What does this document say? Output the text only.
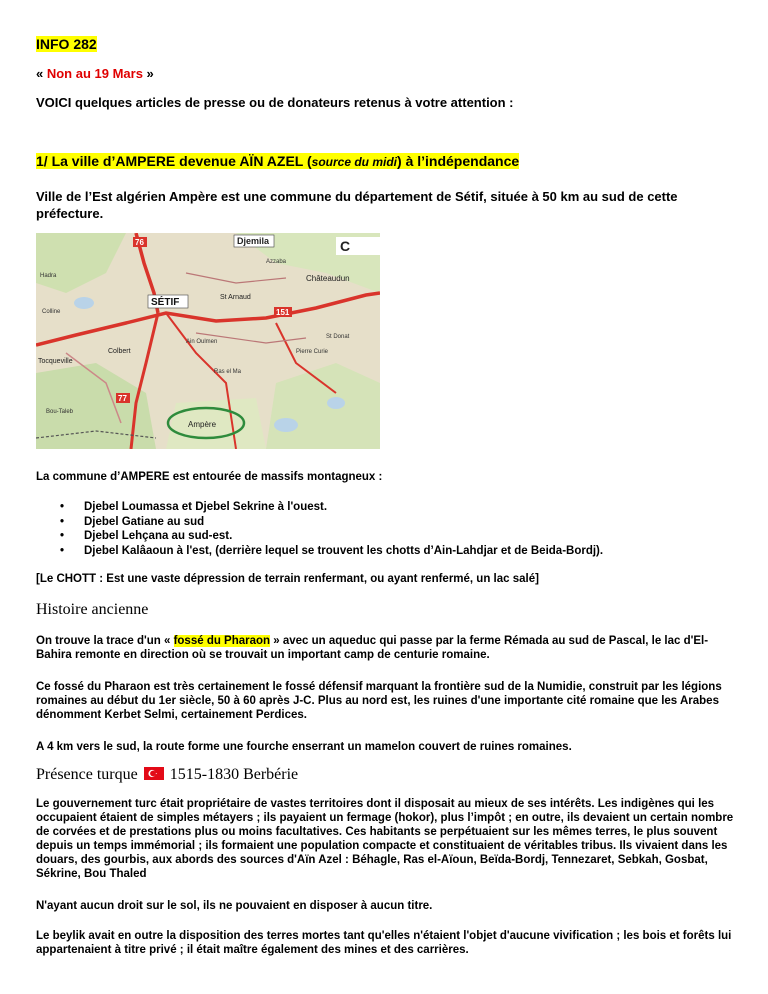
INFO 282
« Non au 19 Mars »
VOICI quelques articles de presse ou de donateurs retenus à votre attention :
1/ La ville d’AMPERE devenue AÏN AZEL (source du midi) à l’indépendance

Ville de l’Est algérien Ampère est une commune du département de Sétif, située à 50 km au sud de cette préfecture.

Djemila
SÉTIF
C
Châteaudun
Colbert
Tocqueville
St Arnaud
76
77
151
Ampère
Hadra
Colline
Ain Oulmen
Ras el Ma
Pierre Curie
Azzaba
Bou-Taleb
St Donat

La commune d’AMPERE est entourée de massifs montagneux :

• Djebel Loumassa et Djebel Sekrine à l'ouest.
• Djebel Gatiane au sud
• Djebel Lehçana au sud-est.
• Djebel Kalâaoun à l'est, (derrière lequel se trouvent les chotts d’Ain-Lahdjar et de Beida-Bordj).

[Le CHOTT : Est une vaste dépression de terrain renfermant, ou ayant renfermé, un lac salé]

Histoire ancienne

On trouve la trace d'un « fossé du Pharaon » avec un aqueduc qui passe par la ferme Rémada au sud de Pascal, le lac d'El-Bahira remonte en direction où se trouvait un important camp de centurie romaine.

Ce fossé du Pharaon est très certainement le fossé défensif marquant la frontière sud de la Numidie, construit par les légions romaines au début du 1er siècle, 50 à 60 après J-C. Plus au nord est, les ruines d'une importante cité romaine que les Arabes dénomment Kerbet Selmi, certainement Perdices.

A 4 km vers le sud, la route forme une fourche enserrant un mamelon couvert de ruines romaines.

Présence turque 1515-1830 Berbérie

Le gouvernement turc était propriétaire de vastes territoires dont il disposait au mieux de ses intérêts. Les indigènes qui les occupaient étaient de simples métayers ; ils payaient un fermage (hokor), plus l’impôt ; en outre, ils devaient un certain nombre de corvées et de prestations plus ou moins facultatives. Ces habitants se perpétuaient sur les mêmes terres, le plus souvent depuis un temps immémorial ; ils formaient une population compacte et constituaient de véritables tribus. Ils vivaient dans les douars, des gourbis, aux abords des sources d'Aïn Azel : Béhagle, Ras el-Aïoun, Beïda-Bordj, Tennezaret, Sebkah, Gosbat, Sékrine, Bou Thaled

N'ayant aucun droit sur le sol, ils ne pouvaient en disposer à aucun titre.

Le beylik avait en outre la disposition des terres mortes tant qu'elles n'étaient l'objet d'aucune vivification ; les bois et forêts lui appartenaient à titre privé ; il était maître également des mines et des carrières.
